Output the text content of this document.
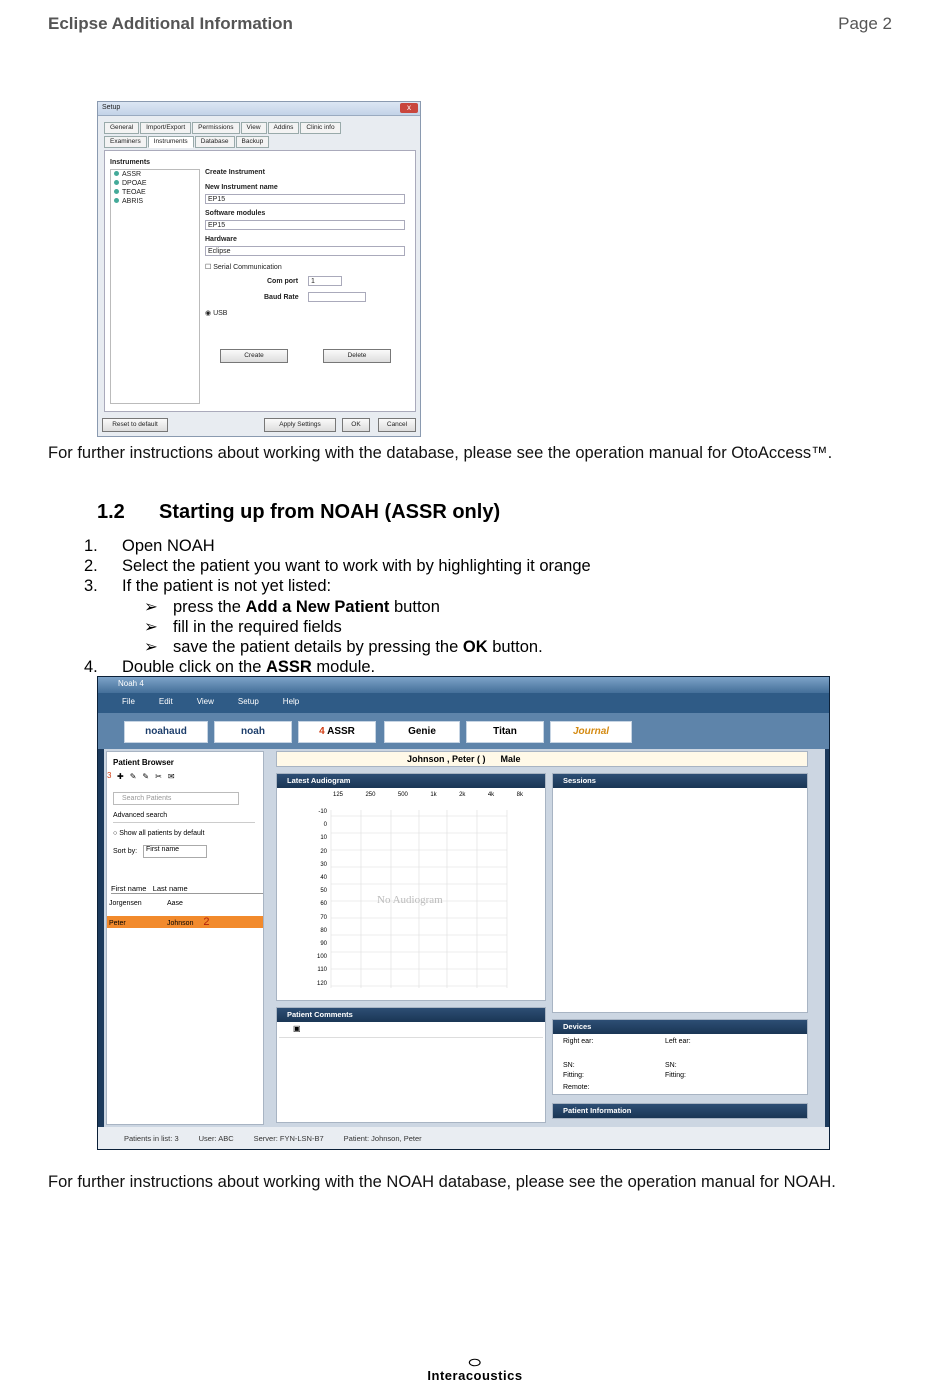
Eclipse Additional Information	Page 2
Setup	x
General	Import/Export	Permissions	View	Addins	Clinic info
Examiners	Instruments	Database	Backup
Instruments
ASSR
DPOAE
TEOAE
ABRIS
Create Instrument
New Instrument name
EP15
Software modules
EP15
Hardware
Eclipse
☐ Serial Communication
Com port	1
Baud Rate
◉ USB
Create	Delete
Reset to default	Apply Settings	OK	Cancel
For further instructions about working with the database, please see the operation manual for OtoAccess™.
1.2 Starting up from NOAH (ASSR only)
1. Open NOAH
2. Select the patient you want to work with by highlighting it orange
3. If the patient is not yet listed:
➢ press the Add a New Patient button
➢ fill in the required fields
➢ save the patient details by pressing the OK button.
4. Double click on the ASSR module.
Noah 4
File	Edit	View	Setup	Help
noahaud	noah	4 ASSR	Genie	Titan	Journal
Patient Browser
3 ✚✎✎✂✉
Search Patients
Advanced search
○ Show all patients by default
Sort by:	First name
First name Last name
Jorgensen	Aase
Peter	Johnson 2
Johnson , Peter ( ) Male
Latest Audiogram
125	250	500	1k	2k	4k	8k
-10
0
10
20
30
40
50
60
70
80
90
100
110
120
No Audiogram
Sessions
Patient Comments
▣	Devices
Right ear:	Left ear:
SN:	SN:
Fitting:	Fitting:
Remote:
Patient Information
Patients in list: 3	User: ABC	Server: FYN-LSN-B7	Patient: Johnson, Peter
For further instructions about working with the NOAH database, please see the operation manual for NOAH.
⬭
Interacoustics
